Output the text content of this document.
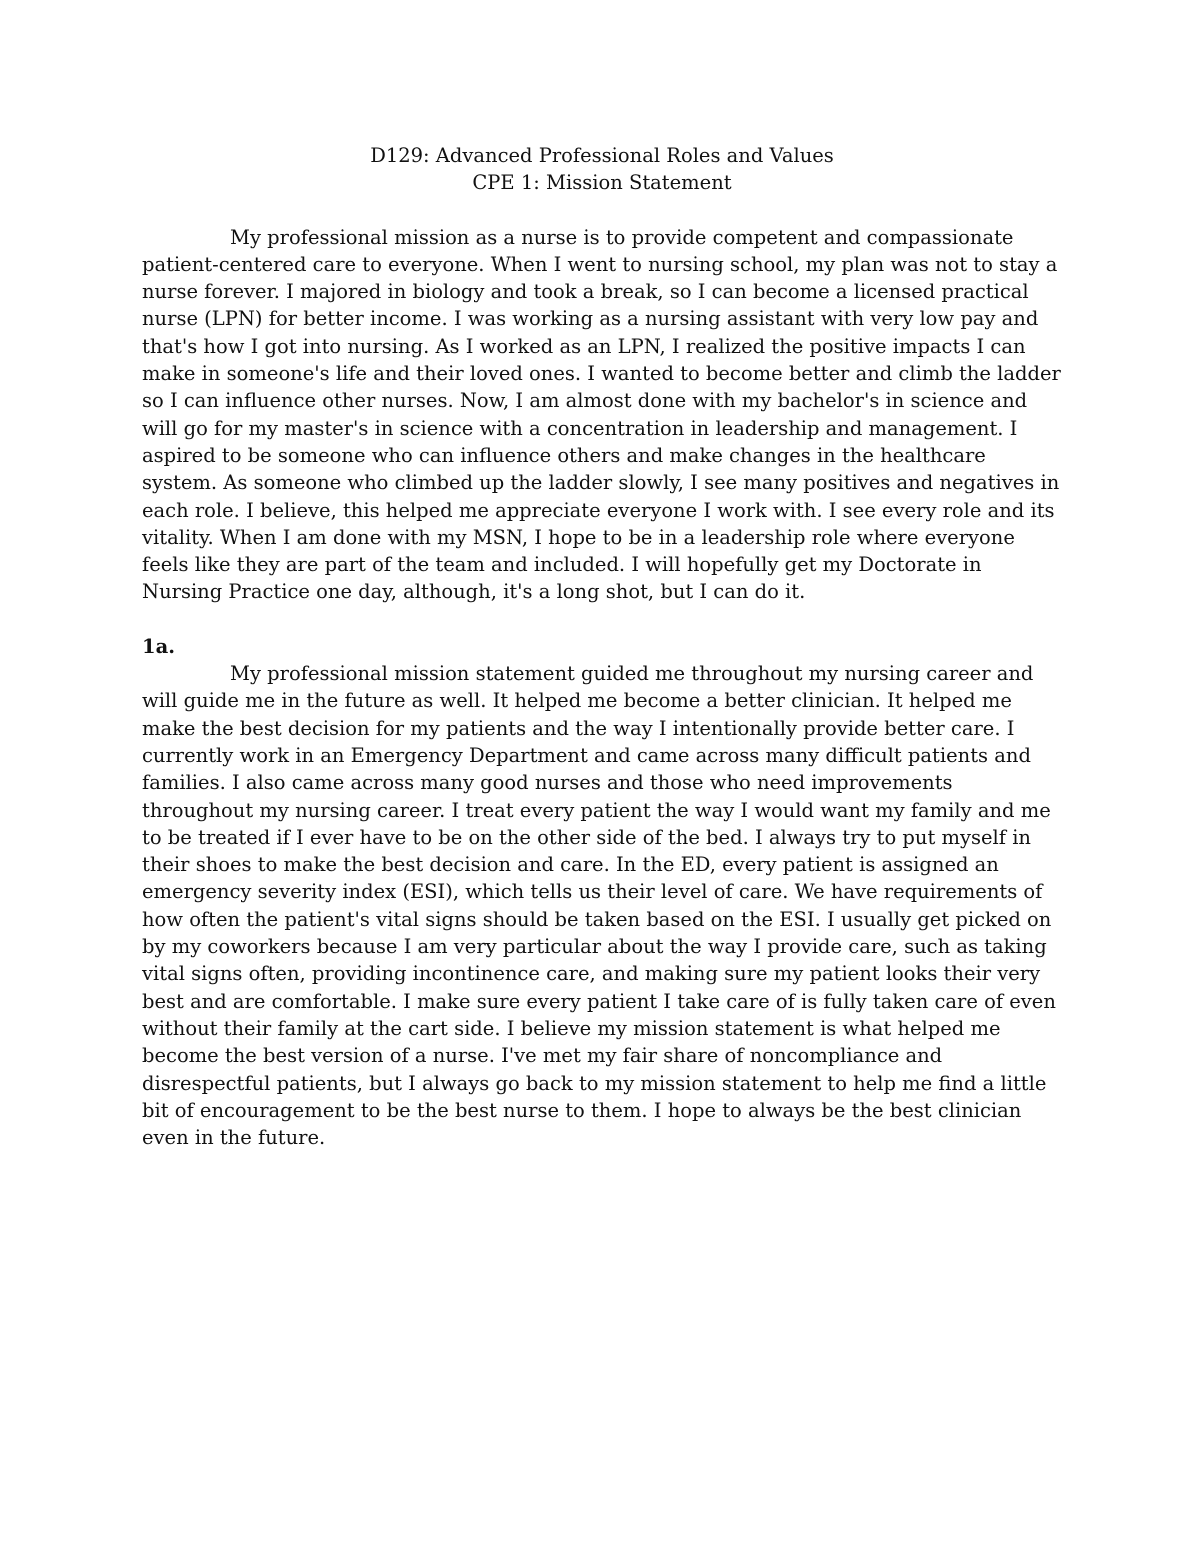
D129: Advanced Professional Roles and Values

CPE 1: Mission Statement

My professional mission as a nurse is to provide competent and compassionate patient-centered care to everyone. When I went to nursing school, my plan was not to stay a nurse forever. I majored in biology and took a break, so I can become a licensed practical nurse (LPN) for better income. I was working as a nursing assistant with very low pay and that's how I got into nursing. As I worked as an LPN, I realized the positive impacts I can make in someone's life and their loved ones. I wanted to become better and climb the ladder so I can influence other nurses. Now, I am almost done with my bachelor's in science and will go for my master's in science with a concentration in leadership and management. I aspired to be someone who can influence others and make changes in the healthcare system. As someone who climbed up the ladder slowly, I see many positives and negatives in each role. I believe, this helped me appreciate everyone I work with. I see every role and its vitality. When I am done with my MSN, I hope to be in a leadership role where everyone feels like they are part of the team and included. I will hopefully get my Doctorate in Nursing Practice one day, although, it's a long shot, but I can do it.

1a.

My professional mission statement guided me throughout my nursing career and will guide me in the future as well. It helped me become a better clinician. It helped me make the best decision for my patients and the way I intentionally provide better care. I currently work in an Emergency Department and came across many difficult patients and families. I also came across many good nurses and those who need improvements throughout my nursing career. I treat every patient the way I would want my family and me to be treated if I ever have to be on the other side of the bed. I always try to put myself in their shoes to make the best decision and care. In the ED, every patient is assigned an emergency severity index (ESI), which tells us their level of care. We have requirements of how often the patient's vital signs should be taken based on the ESI. I usually get picked on by my coworkers because I am very particular about the way I provide care, such as taking vital signs often, providing incontinence care, and making sure my patient looks their very best and are comfortable. I make sure every patient I take care of is fully taken care of even without their family at the cart side. I believe my mission statement is what helped me become the best version of a nurse. I've met my fair share of noncompliance and disrespectful patients, but I always go back to my mission statement to help me find a little bit of encouragement to be the best nurse to them. I hope to always be the best clinician even in the future.
